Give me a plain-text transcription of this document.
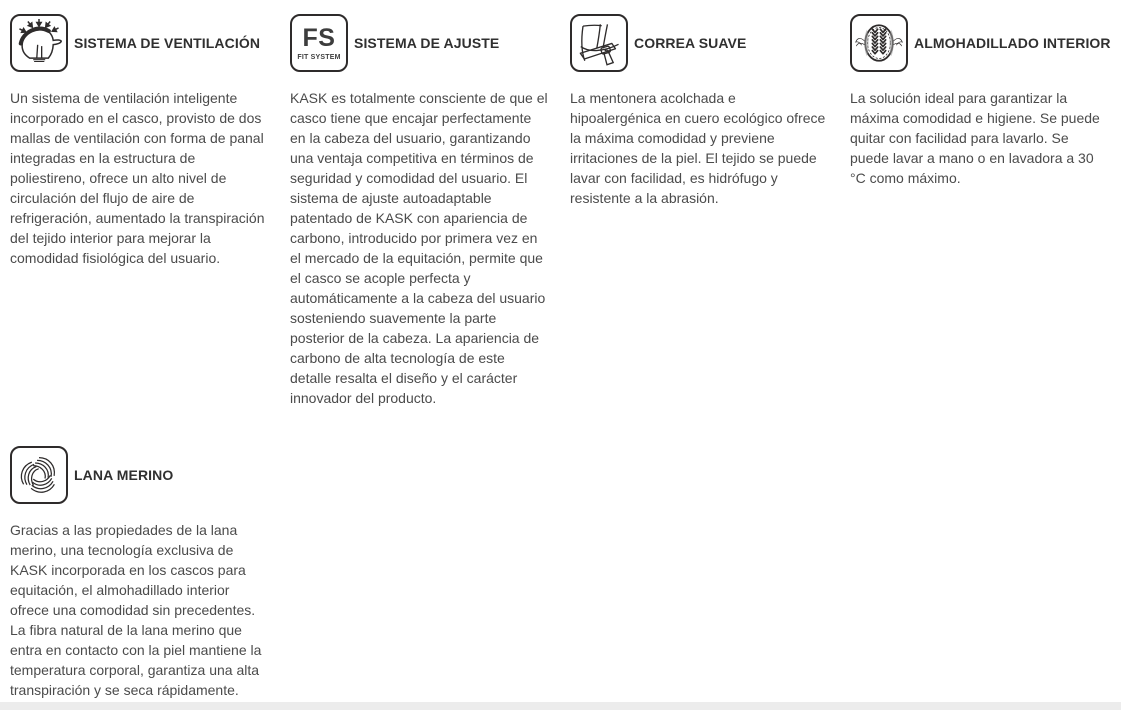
SISTEMA DE VENTILACIÓN

Un sistema de ventilación inteligente incorporado en el casco, provisto de dos mallas de ventilación con forma de panal integradas en la estructura de poliestireno, ofrece un alto nivel de circulación del flujo de aire de refrigeración, aumentado la transpiración del tejido interior para mejorar la comodidad fisiológica del usuario.

FS
FIT SYSTEM
SISTEMA DE AJUSTE

KASK es totalmente consciente de que el casco tiene que encajar perfectamente en la cabeza del usuario, garantizando una ventaja competitiva en términos de seguridad y comodidad del usuario. El sistema de ajuste autoadaptable patentado de KASK con apariencia de carbono, introducido por primera vez en el mercado de la equitación, permite que el casco se acople perfecta y automáticamente a la cabeza del usuario sosteniendo suavemente la parte posterior de la cabeza. La apariencia de carbono de alta tecnología de este detalle resalta el diseño y el carácter innovador del producto.

CORREA SUAVE

La mentonera acolchada e hipoalergénica en cuero ecológico ofrece la máxima comodidad y previene irritaciones de la piel. El tejido se puede lavar con facilidad, es hidrófugo y resistente a la abrasión.

ALMOHADILLADO INTERIOR

La solución ideal para garantizar la máxima comodidad e higiene. Se puede quitar con facilidad para lavarlo. Se puede lavar a mano o en lavadora a 30 °C como máximo.

LANA MERINO

Gracias a las propiedades de la lana merino, una tecnología exclusiva de KASK incorporada en los cascos para equitación, el almohadillado interior ofrece una comodidad sin precedentes. La fibra natural de la lana merino que entra en contacto con la piel mantiene la temperatura corporal, garantiza una alta transpiración y se seca rápidamente.
